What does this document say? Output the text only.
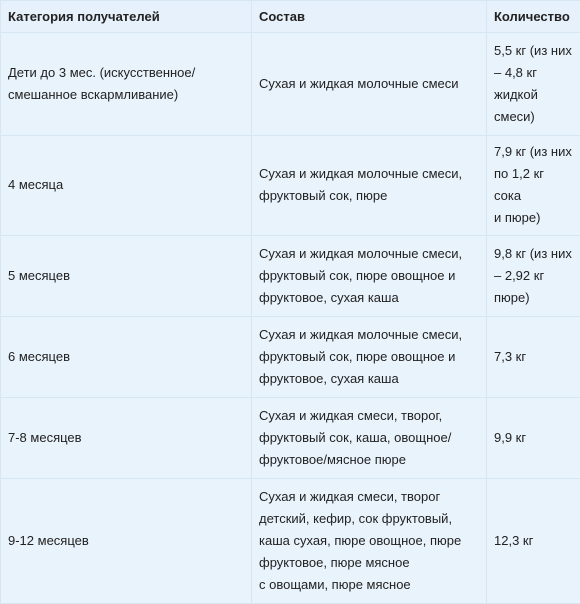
Категория получателей	Состав	Количество

Дети до 3 мес. (искусственное/
смешанное вскармливание)	Сухая и жидкая молочные смеси	5,5 кг (из них
– 4,8 кг
жидкой
смеси)

4 месяца	Сухая и жидкая молочные смеси,
фруктовый сок, пюре	7,9 кг (из них
по 1,2 кг сока
и пюре)

5 месяцев	Сухая и жидкая молочные смеси,
фруктовый сок, пюре овощное и
фруктовое, сухая каша	9,8 кг (из них
– 2,92 кг
пюре)

6 месяцев	Сухая и жидкая молочные смеси,
фруктовый сок, пюре овощное и
фруктовое, сухая каша	7,3 кг

7-8 месяцев	Сухая и жидкая смеси, творог,
фруктовый сок, каша, овощное/
фруктовое/мясное пюре	9,9 кг

9-12 месяцев	Сухая и жидкая смеси, творог
детский, кефир, сок фруктовый,
каша сухая, пюре овощное, пюре
фруктовое, пюре мясное
с овощами, пюре мясное	12,3 кг
